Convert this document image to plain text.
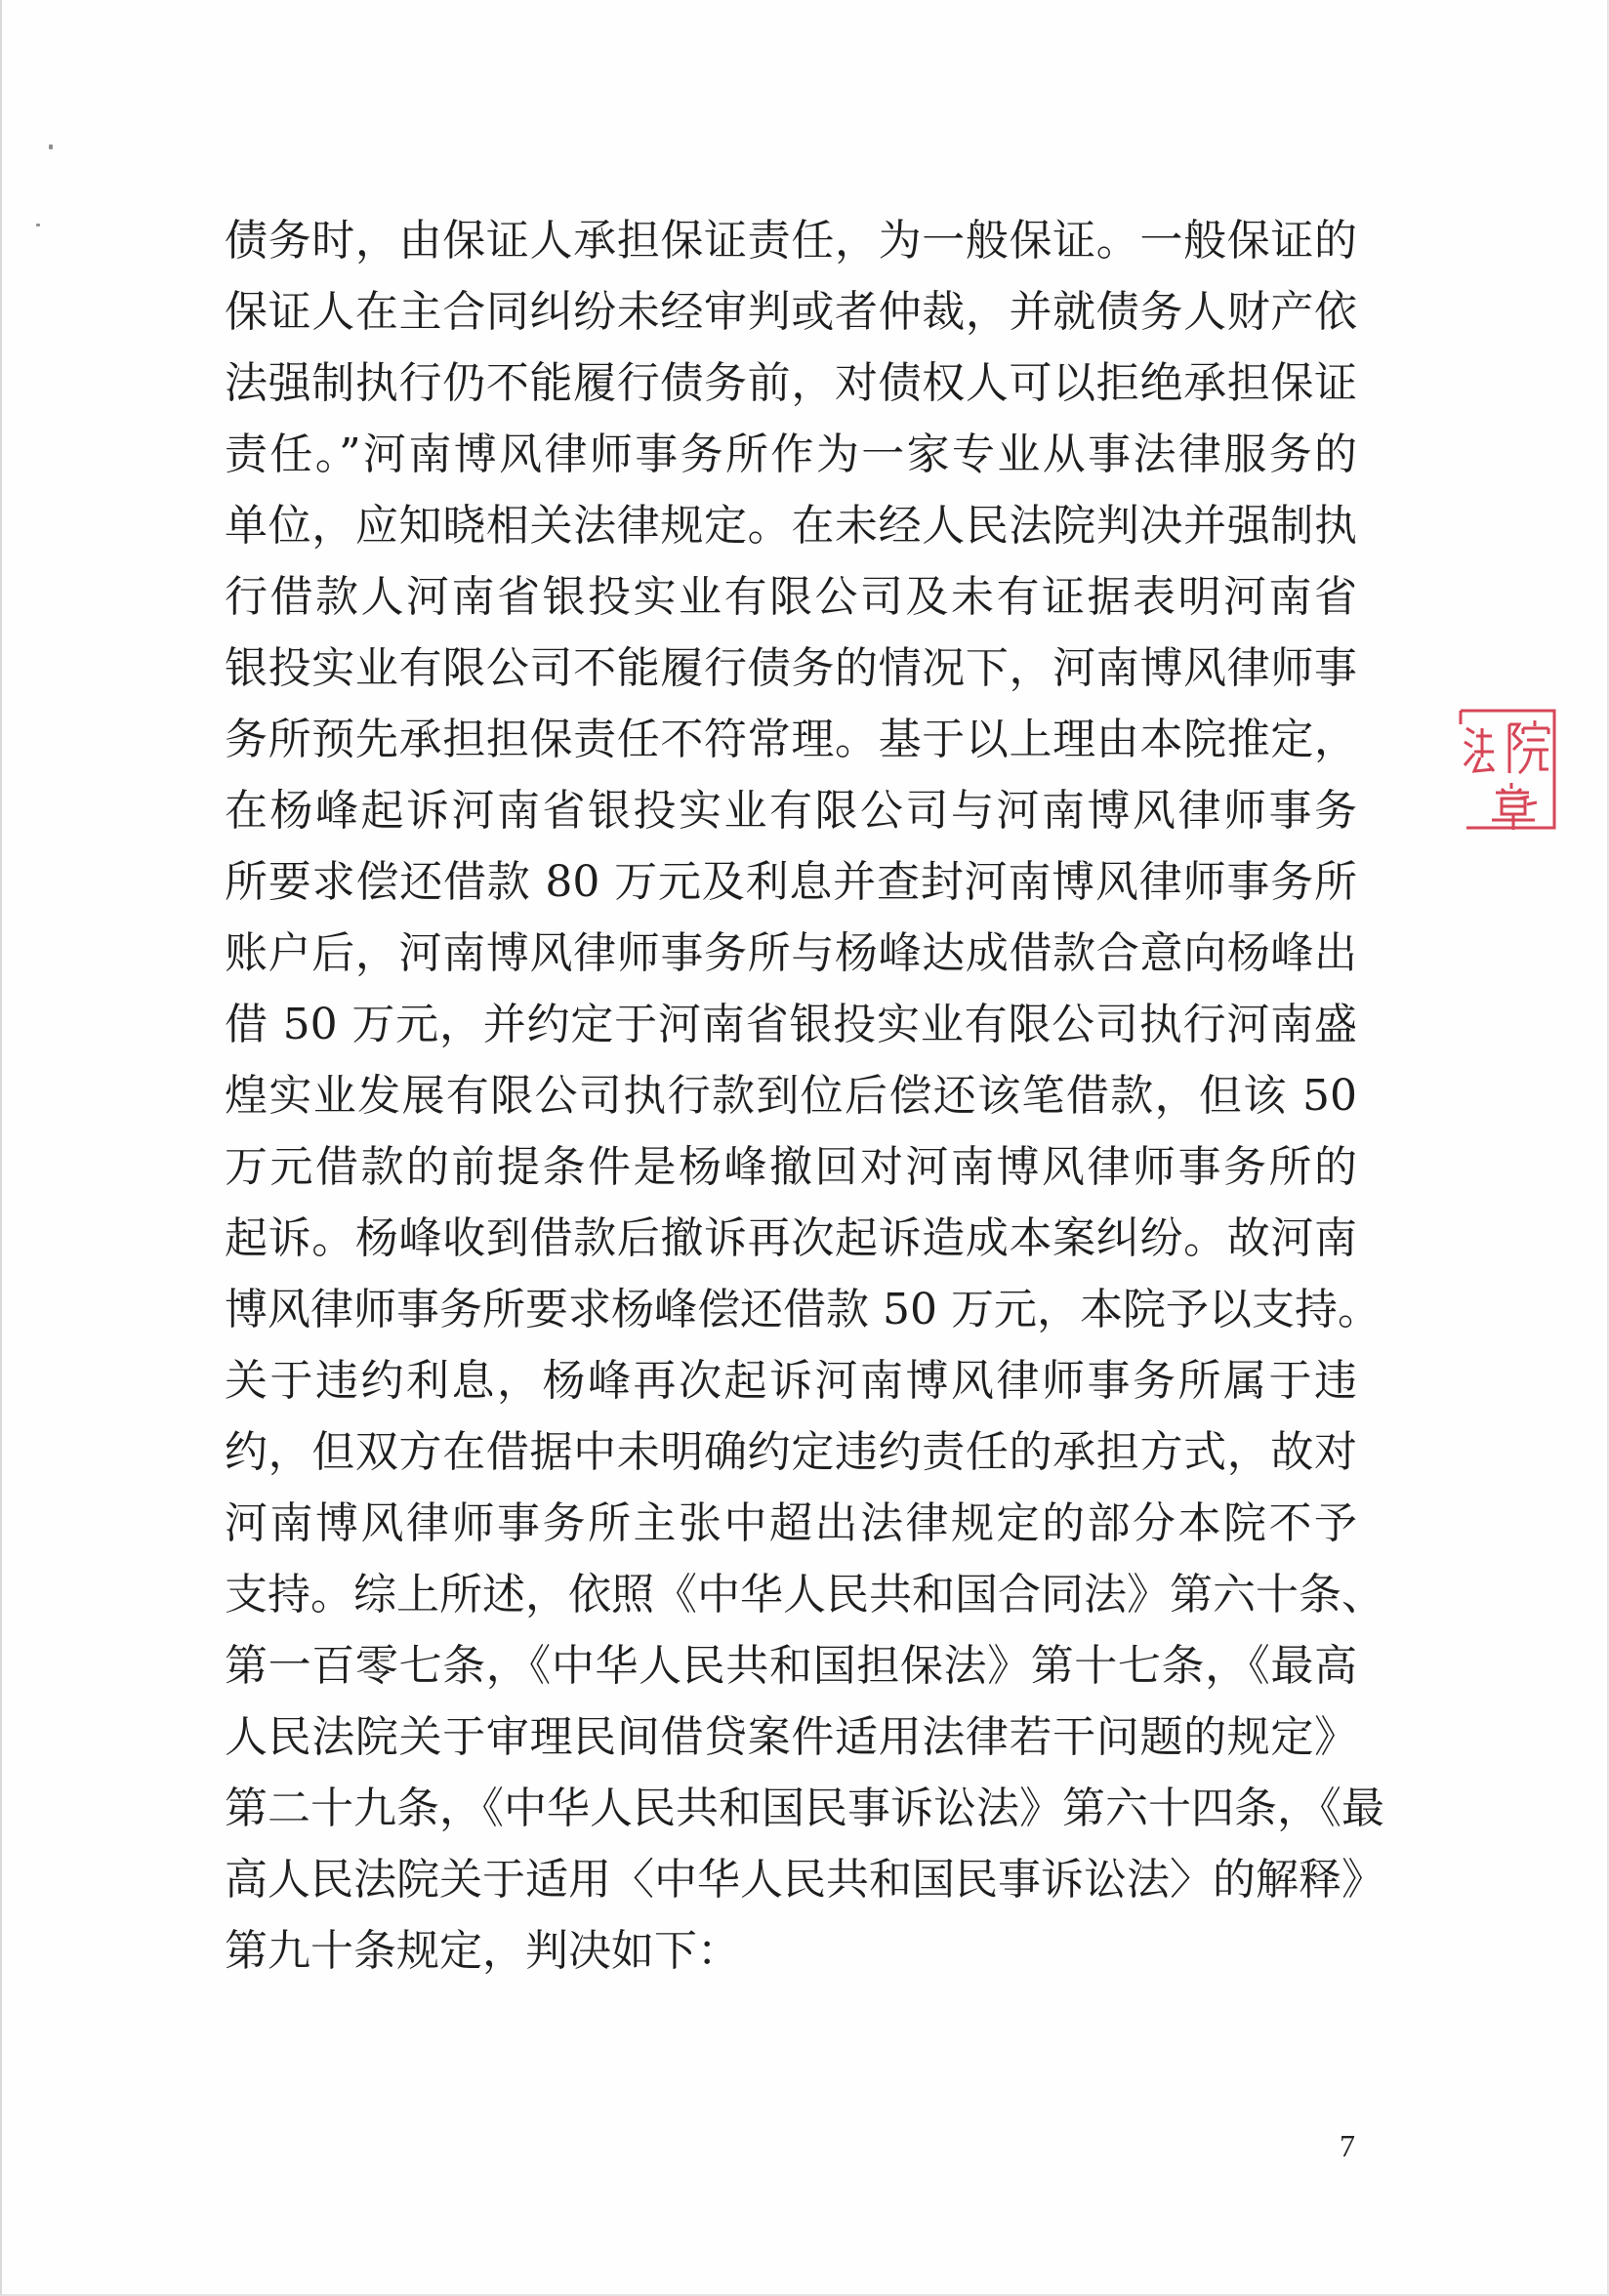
债务时，由保证人承担保证责任，为一般保证。一般保证的
保证人在主合同纠纷未经审判或者仲裁，并就债务人财产依
法强制执行仍不能履行债务前，对债权人可以拒绝承担保证
责任。”河南博风律师事务所作为一家专业从事法律服务的
单位，应知晓相关法律规定。在未经人民法院判决并强制执
行借款人河南省银投实业有限公司及未有证据表明河南省
银投实业有限公司不能履行债务的情况下，河南博风律师事
务所预先承担担保责任不符常理。基于以上理由本院推定，
在杨峰起诉河南省银投实业有限公司与河南博风律师事务
所要求偿还借款 80 万元及利息并查封河南博风律师事务所
账户后，河南博风律师事务所与杨峰达成借款合意向杨峰出
借 50 万元，并约定于河南省银投实业有限公司执行河南盛
煌实业发展有限公司执行款到位后偿还该笔借款，但该 50
万元借款的前提条件是杨峰撤回对河南博风律师事务所的
起诉。杨峰收到借款后撤诉再次起诉造成本案纠纷。故河南
博风律师事务所要求杨峰偿还借款 50 万元，本院予以支持。
关于违约利息，杨峰再次起诉河南博风律师事务所属于违
约，但双方在借据中未明确约定违约责任的承担方式，故对
河南博风律师事务所主张中超出法律规定的部分本院不予
支持。综上所述，依照《中华人民共和国合同法》第六十条、
第一百零七条，《中华人民共和国担保法》第十七条，《最高
人民法院关于审理民间借贷案件适用法律若干问题的规定》
第二十九条，《中华人民共和国民事诉讼法》第六十四条，《最
高人民法院关于适用〈中华人民共和国民事诉讼法〉的解释》
第九十条规定，判决如下：
7
